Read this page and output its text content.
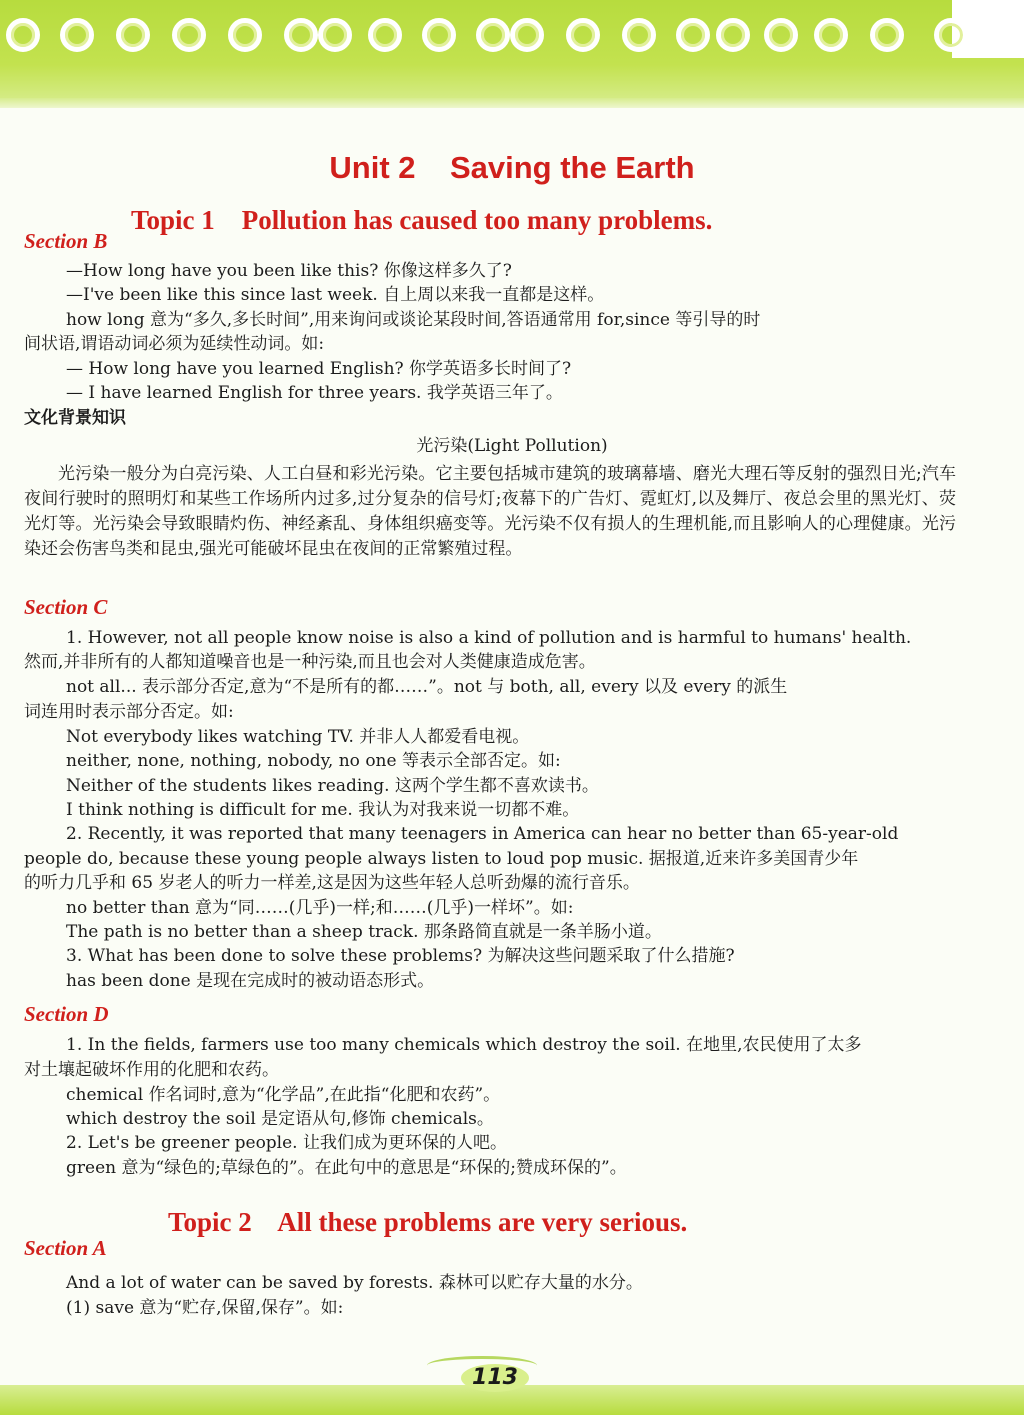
Unit 2    Saving the Earth
Topic 1    Pollution has caused too many problems.
Section B
—How long have you been like this? 你像这样多久了?
—I've been like this since last week. 自上周以来我一直都是这样。
how long 意为“多久,多长时间”,用来询问或谈论某段时间,答语通常用 for,since 等引导的时
间状语,谓语动词必须为延续性动词。如:
— How long have you learned English? 你学英语多长时间了?
— I have learned English for three years. 我学英语三年了。
文化背景知识
光污染(Light Pollution)
光污染一般分为白亮污染、人工白昼和彩光污染。它主要包括城市建筑的玻璃幕墙、磨光大理石等反射的强烈日光;汽车夜间行驶时的照明灯和某些工作场所内过多,过分复杂的信号灯;夜幕下的广告灯、霓虹灯,以及舞厅、夜总会里的黑光灯、荧光灯等。光污染会导致眼睛灼伤、神经紊乱、身体组织癌变等。光污染不仅有损人的生理机能,而且影响人的心理健康。光污染还会伤害鸟类和昆虫,强光可能破坏昆虫在夜间的正常繁殖过程。
Section C
1. However, not all people know noise is also a kind of pollution and is harmful to humans' health.
然而,并非所有的人都知道噪音也是一种污染,而且也会对人类健康造成危害。
not all... 表示部分否定,意为“不是所有的都……”。not 与 both, all, every 以及 every 的派生
词连用时表示部分否定。如:
Not everybody likes watching TV. 并非人人都爱看电视。
neither, none, nothing, nobody, no one 等表示全部否定。如:
Neither of the students likes reading. 这两个学生都不喜欢读书。
I think nothing is difficult for me. 我认为对我来说一切都不难。
2. Recently, it was reported that many teenagers in America can hear no better than 65-year-old
people do, because these young people always listen to loud pop music. 据报道,近来许多美国青少年
的听力几乎和 65 岁老人的听力一样差,这是因为这些年轻人总听劲爆的流行音乐。
no better than 意为“同……(几乎)一样;和……(几乎)一样坏”。如:
The path is no better than a sheep track. 那条路简直就是一条羊肠小道。
3. What has been done to solve these problems? 为解决这些问题采取了什么措施?
has been done 是现在完成时的被动语态形式。
Section D
1. In the fields, farmers use too many chemicals which destroy the soil. 在地里,农民使用了太多
对土壤起破坏作用的化肥和农药。
chemical 作名词时,意为“化学品”,在此指“化肥和农药”。
which destroy the soil 是定语从句,修饰 chemicals。
2. Let's be greener people. 让我们成为更环保的人吧。
green 意为“绿色的;草绿色的”。在此句中的意思是“环保的;赞成环保的”。
Topic 2    All these problems are very serious.
Section A
And a lot of water can be saved by forests. 森林可以贮存大量的水分。
(1) save 意为“贮存,保留,保存”。如:
113
